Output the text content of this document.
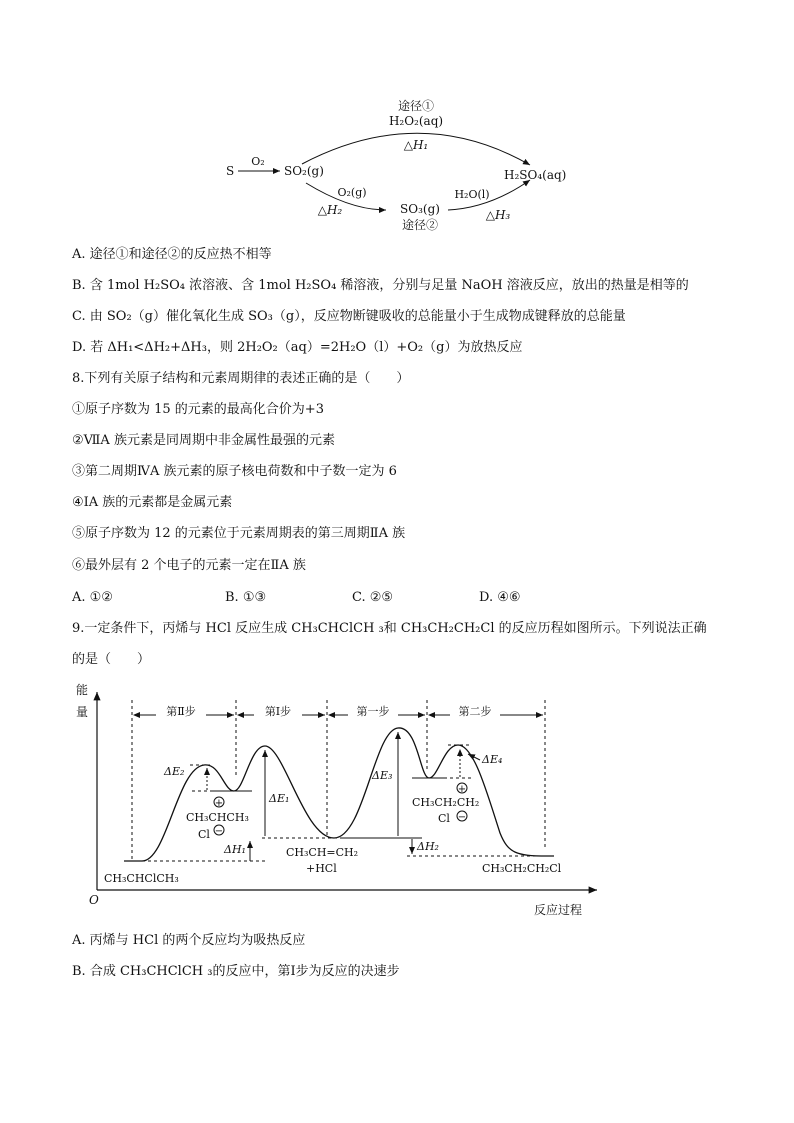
途径①
H₂O₂(aq)
△H₁
S
O₂
SO₂(g)
O₂(g)
△H₂	SO₃(g)
途径②
H₂O(l)
△H₃
H₂SO₄(aq)
A. 途径①和途径②的反应热不相等
B. 含 1mol H₂SO₄ 浓溶液、含 1mol H₂SO₄ 稀溶液，分别与足量 NaOH 溶液反应，放出的热量是相等的
C. 由 SO₂（g）催化氧化生成 SO₃（g），反应物断键吸收的总能量小于生成物成键释放的总能量
D. 若 ΔH₁<ΔH₂+ΔH₃，则 2H₂O₂（aq）=2H₂O（l）+O₂（g）为放热反应
8.下列有关原子结构和元素周期律的表述正确的是（　　）
①原子序数为 15 的元素的最高化合价为+3
②ⅦA 族元素是同周期中非金属性最强的元素
③第二周期ⅣA 族元素的原子核电荷数和中子数一定为 6
④ⅠA 族的元素都是金属元素
⑤原子序数为 12 的元素位于元素周期表的第三周期ⅡA 族
⑥最外层有 2 个电子的元素一定在ⅡA 族
A. ①②	B. ①③	C. ②⑤	D. ④⑥
9.一定条件下，丙烯与 HCl 反应生成 CH₃CHClCH ₃和 CH₃CH₂CH₂Cl 的反应历程如图所示。下列说法正确
的是（　　）
能
量
O
反应过程
第Ⅱ步	第Ⅰ步	第一步	第二步
ΔE₂
ΔE₁
ΔE₃
ΔE₄
ΔH₁	ΔH₂
CH₃CHClCH₃
CH₃CH=CH₂
+HCl	CH₃CH₂CH₂Cl
+
CH₃CHCH₃
Cl −
+
CH₃CH₂CH₂
Cl −
A. 丙烯与 HCl 的两个反应均为吸热反应
B. 合成 CH₃CHClCH ₃的反应中，第Ⅰ步为反应的决速步
